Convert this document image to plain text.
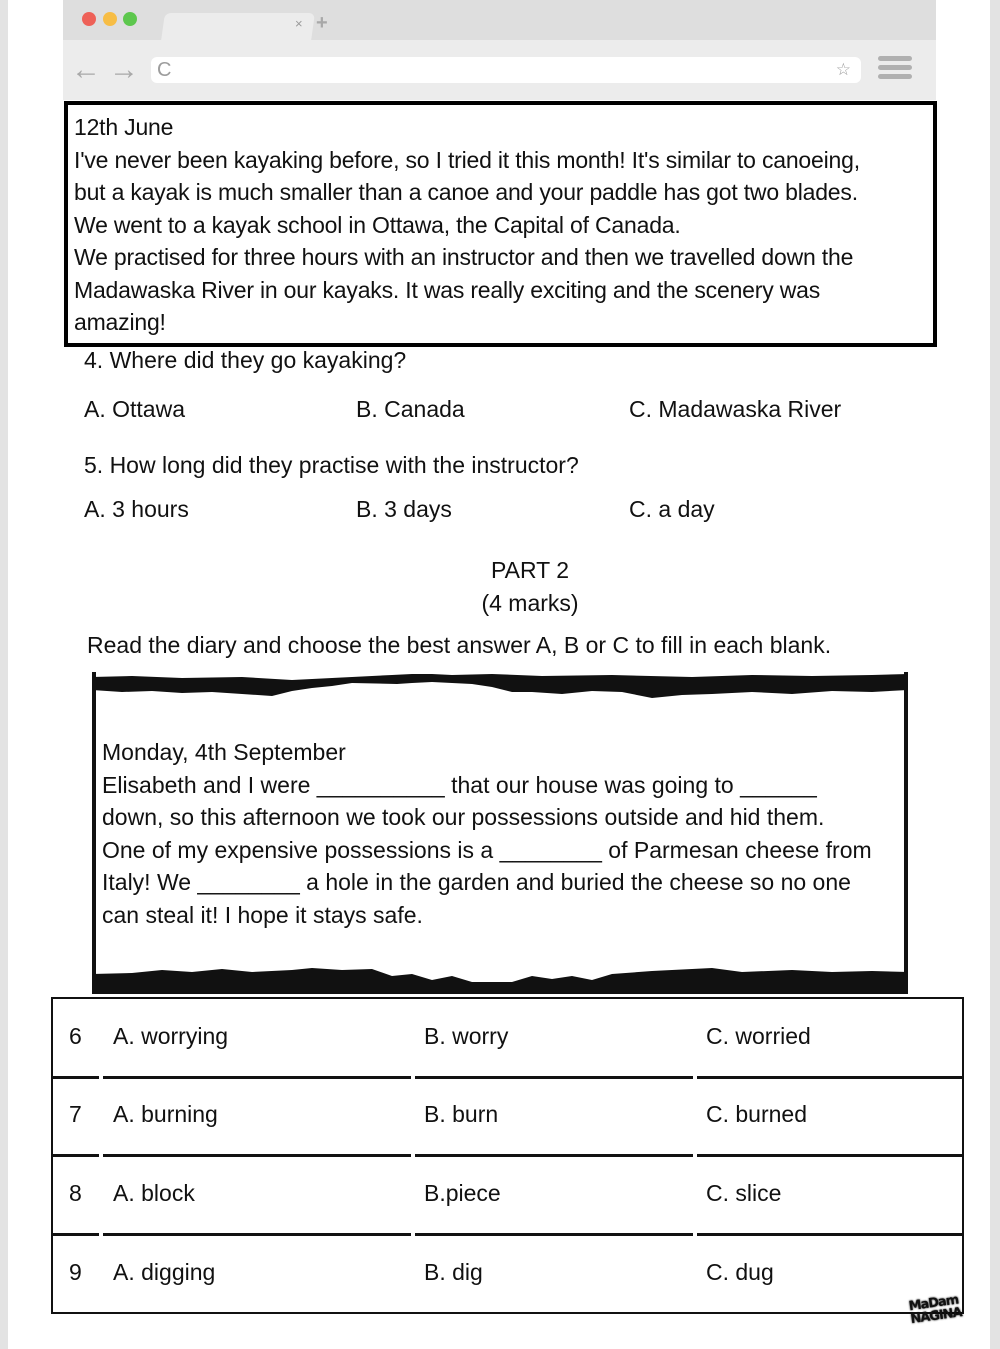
× +
← → C	☆

12th June

I've never been kayaking before, so I tried it this month! It's similar to canoeing,

but a kayak is much smaller than a canoe and your paddle has got two blades.

We went to a kayak school in Ottawa, the Capital of Canada.

We practised for three hours with an instructor and then we travelled down the

Madawaska River in our kayaks. It was really exciting and the scenery was

amazing!

4. Where did they go kayaking?
A. Ottawa	B. Canada	C. Madawaska River
5. How long did they practise with the instructor?
A. 3 hours	B. 3 days	C. a day
PART 2
(4 marks)
Read the diary and choose the best answer A, B or C to fill in each blank.

Monday, 4th September

Elisabeth and I were __________ that our house was going to ______

down, so this afternoon we took our possessions outside and hid them.

One of my expensive possessions is a ________ of Parmesan cheese from

Italy! We ________ a hole in the garden and buried the cheese so no one

can steal it! I hope it stays safe.

6 A. worrying	B. worry	C. worried
7 A. burning	B. burn	C. burned
8 A. block	B.piece	C. slice
9 A. digging	B. dig	C. dug
MaDam NAGINA
